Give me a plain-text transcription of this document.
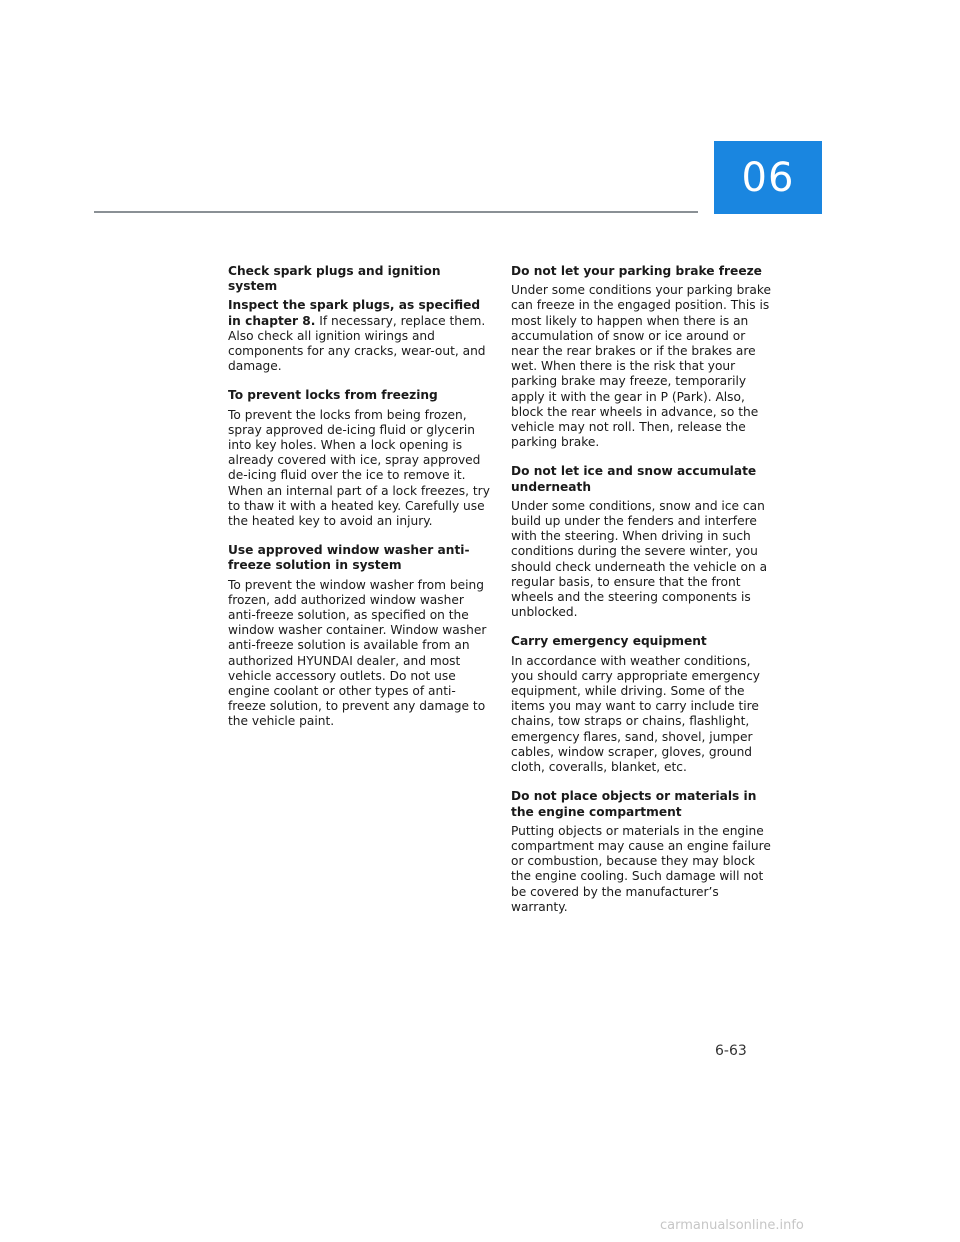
06

Check spark plugs and ignition system

Inspect the spark plugs, as specified in chapter 8. If necessary, replace them. Also check all ignition wirings and components for any cracks, wear-out, and damage.

To prevent locks from freezing

To prevent the locks from being frozen, spray approved de-icing fluid or glycerin into key holes. When a lock opening is already covered with ice, spray approved de-icing fluid over the ice to remove it. When an internal part of a lock freezes, try to thaw it with a heated key. Carefully use the heated key to avoid an injury.

Use approved window washer anti-freeze solution in system

To prevent the window washer from being frozen, add authorized window washer anti-freeze solution, as specified on the window washer container. Window washer anti-freeze solution is available from an authorized HYUNDAI dealer, and most vehicle accessory outlets. Do not use engine coolant or other types of anti-freeze solution, to prevent any damage to the vehicle paint.

Do not let your parking brake freeze

Under some conditions your parking brake can freeze in the engaged position. This is most likely to happen when there is an accumulation of snow or ice around or near the rear brakes or if the brakes are wet. When there is the risk that your parking brake may freeze, temporarily apply it with the gear in P (Park). Also, block the rear wheels in advance, so the vehicle may not roll. Then, release the parking brake.

Do not let ice and snow accumulate underneath

Under some conditions, snow and ice can build up under the fenders and interfere with the steering. When driving in such conditions during the severe winter, you should check underneath the vehicle on a regular basis, to ensure that the front wheels and the steering components is unblocked.

Carry emergency equipment

In accordance with weather conditions, you should carry appropriate emergency equipment, while driving. Some of the items you may want to carry include tire chains, tow straps or chains, flashlight, emergency flares, sand, shovel, jumper cables, window scraper, gloves, ground cloth, coveralls, blanket, etc.

Do not place objects or materials in the engine compartment

Putting objects or materials in the engine compartment may cause an engine failure or combustion, because they may block the engine cooling. Such damage will not be covered by the manufacturer’s warranty.

6-63
carmanualsonline.info
